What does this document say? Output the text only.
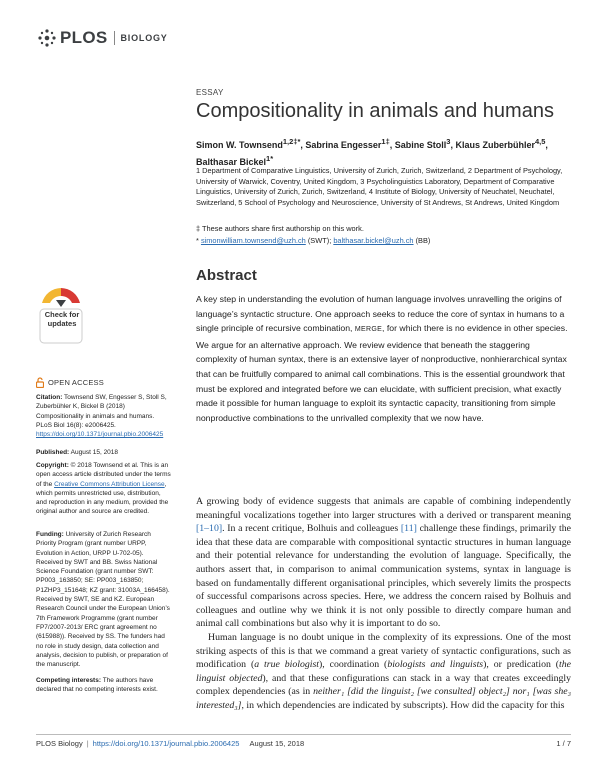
PLOS BIOLOGY
ESSAY
Compositionality in animals and humans
Simon W. Townsend$^{1,2\ddagger*}$, Sabrina Engesser$^{1\ddagger}$, Sabine Stoll$^3$, Klaus Zuberbühler$^{4,5}$, Balthasar Bickel$^{1*}$
1 Department of Comparative Linguistics, University of Zurich, Zurich, Switzerland, 2 Department of Psychology, University of Warwick, Coventry, United Kingdom, 3 Psycholinguistics Laboratory, Department of Comparative Linguistics, University of Zurich, Zurich, Switzerland, 4 Institute of Biology, University of Neuchatel, Neuchatel, Switzerland, 5 School of Psychology and Neuroscience, University of St Andrews, St Andrews, United Kingdom
‡ These authors share first authorship on this work.
* simonwilliam.townsend@uzh.ch (SWT); balthasar.bickel@uzh.ch (BB)
Check for
updates
Abstract
A key step in understanding the evolution of human language involves unravelling the origins of language’s syntactic structure. One approach seeks to reduce the core of syntax in humans to a single principle of recursive combination, MERGE, for which there is no evidence in other species. We argue for an alternative approach. We review evidence that beneath the staggering complexity of human syntax, there is an extensive layer of nonproductive, nonhierarchical syntax that can be fruitfully compared to animal call combinations. This is the essential groundwork that must be explored and integrated before we can elucidate, with sufficient precision, what exactly made it possible for human language to exploit its syntactic capacity, transitioning from simple nonproductive combinations to the unrivalled complexity that we now have.
OPEN ACCESS
Citation: Townsend SW, Engesser S, Stoll S, Zuberbühler K, Bickel B (2018) Compositionality in animals and humans. PLoS Biol 16(8): e2006425. https://doi.org/10.1371/journal.pbio.2006425
Published: August 15, 2018
Copyright: © 2018 Townsend et al. This is an open access article distributed under the terms of the Creative Commons Attribution License, which permits unrestricted use, distribution, and reproduction in any medium, provided the original author and source are credited.
Funding: University of Zurich Research Priority Program (grant number URPP, Evolution in Action, URPP U-702-05). Received by SWT and BB. Swiss National Science Foundation (grant number SWT: PP003_163850; SE: PP003_163850; P1ZHP3_151648; KZ grant: 31003A_166458). Received by SWT, SE and KZ. European Research Council under the European Union’s 7th Framework Programme (grant number FP7/2007-2013/ ERC grant agreement no (615988)). Received by SS. The funders had no role in study design, data collection and analysis, decision to publish, or preparation of the manuscript.
Competing interests: The authors have declared that no competing interests exist.

A growing body of evidence suggests that animals are capable of combining independently meaningful vocalizations together into larger structures with a derived or transparent meaning [1–10]. In a recent critique, Bolhuis and colleagues [11] challenge these findings, primarily the idea that these data are comparable with compositional syntactic structures in human language and their potential relevance for understanding the evolution of language. Specifically, the authors assert that, in comparison to animal communication systems, syntax in language is based on fundamentally different organisational principles, which severely limits the prospects of successful comparisons across species. Here, we address the concern raised by Bolhuis and colleagues and outline why we think it is not only possible to directly compare human and animal call combinations but also why it is important to do so.

Human language is no doubt unique in the complexity of its expressions. One of the most striking aspects of this is that we command a great variety of syntactic configurations, such as modification (a true biologist), coordination (biologists and linguists), or predication (the linguist objected), and that these configurations can stack in a way that creates exceedingly complex dependencies (as in neither₁ [did the linguist₂ [we consulted] object₂] nor₁ [was she₃ interested₃], in which dependencies are indicated by subscripts). How did the capacity for this

PLOS Biology | https://doi.org/10.1371/journal.pbio.2006425
August 15, 2018	1 / 7
